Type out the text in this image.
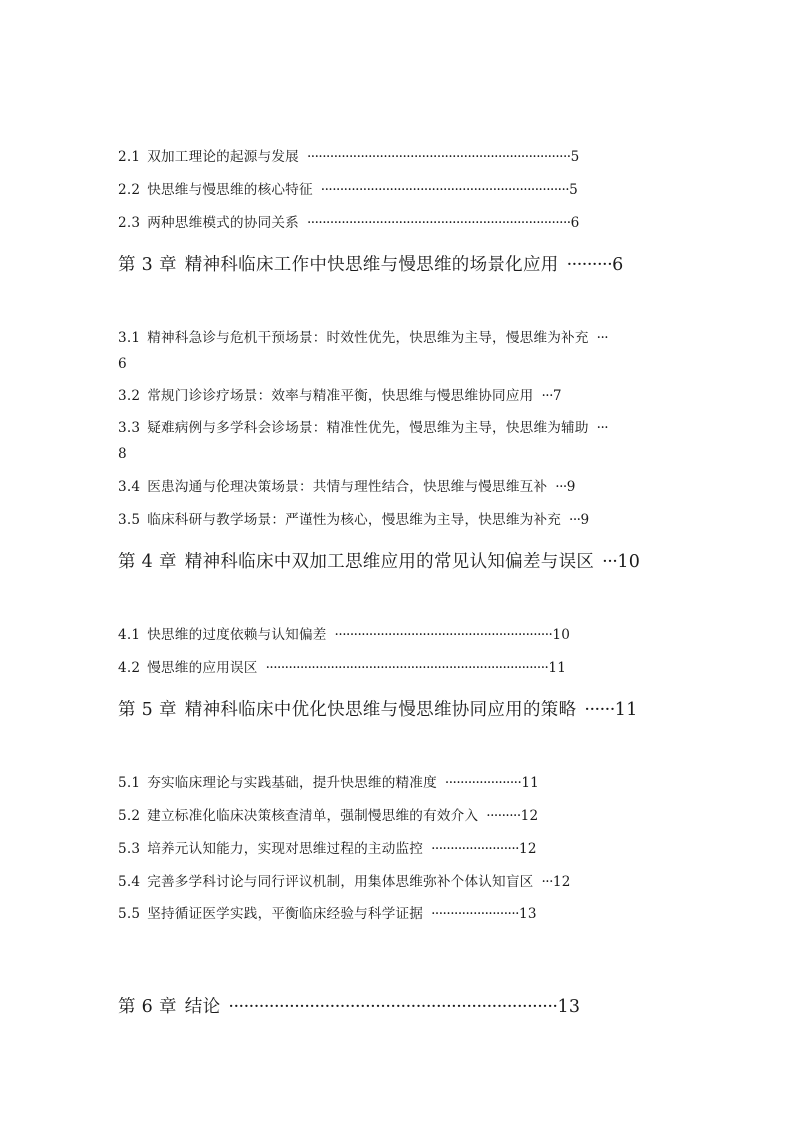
2.1 双加工理论的起源与发展 ·····································································5
2.2 快思维与慢思维的核心特征 ·································································5
2.3 两种思维模式的协同关系 ·····································································6
第 3 章 精神科临床工作中快思维与慢思维的场景化应用 ·········6
3.1 精神科急诊与危机干预场景：时效性优先，快思维为主导，慢思维为补充 ···
6
3.2 常规门诊诊疗场景：效率与精准平衡，快思维与慢思维协同应用 ···7
3.3 疑难病例与多学科会诊场景：精准性优先，慢思维为主导，快思维为辅助 ···
8
3.4 医患沟通与伦理决策场景：共情与理性结合，快思维与慢思维互补 ···9
3.5 临床科研与教学场景：严谨性为核心，慢思维为主导，快思维为补充 ···9
第 4 章 精神科临床中双加工思维应用的常见认知偏差与误区 ···10
4.1 快思维的过度依赖与认知偏差 ·························································10
4.2 慢思维的应用误区 ··········································································11
第 5 章 精神科临床中优化快思维与慢思维协同应用的策略 ······11
5.1 夯实临床理论与实践基础，提升快思维的精准度 ····················11
5.2 建立标准化临床决策核查清单，强制慢思维的有效介入 ·········12
5.3 培养元认知能力，实现对思维过程的主动监控 ·······················12
5.4 完善多学科讨论与同行评议机制，用集体思维弥补个体认知盲区 ···12
5.5 坚持循证医学实践，平衡临床经验与科学证据 ·······················13
第 6 章 结论 ·································································13
